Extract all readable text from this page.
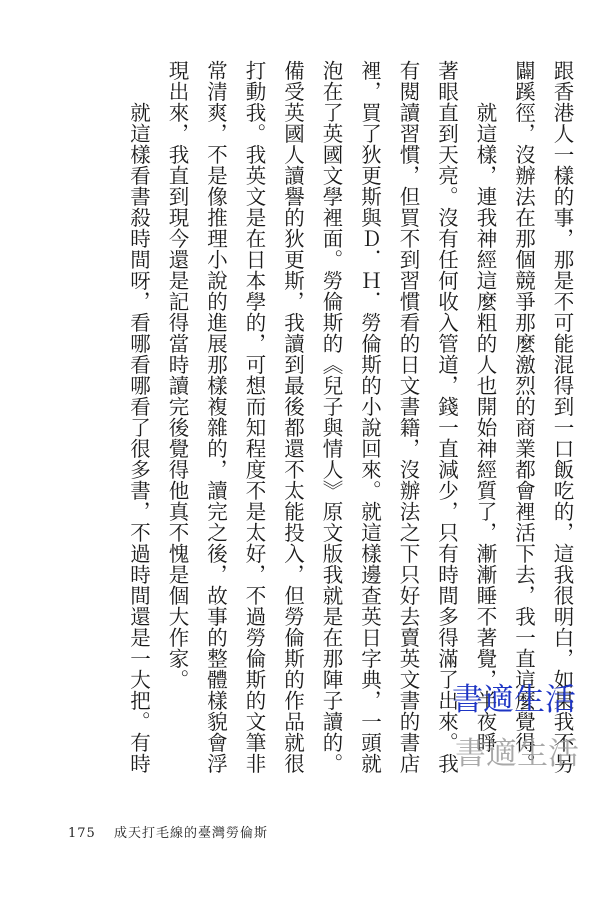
跟香港人一樣的事，那是不可能混得到一口飯吃的，這我很明白，如果我不另
闢蹊徑，沒辦法在那個競爭那麼激烈的商業都會裡活下去，我一直這麼覺得。
就這樣，連我神經這麼粗的人也開始神經質了，漸漸睡不著覺，半夜睜
著眼直到天亮。沒有任何收入管道，錢一直減少，只有時間多得滿了出來。我
有閱讀習慣，但買不到習慣看的日文書籍，沒辦法之下只好去賣英文書的書店
裡，買了狄更斯與Ｄ．Ｈ．勞倫斯的小說回來。就這樣邊查英日字典，一頭就
泡在了英國文學裡面。勞倫斯的《兒子與情人》原文版我就是在那陣子讀的。
備受英國人讀譽的狄更斯，我讀到最後都還不太能投入，但勞倫斯的作品就很
打動我。我英文是在日本學的，可想而知程度不是太好，不過勞倫斯的文筆非
常清爽，不是像推理小說的進展那樣複雜的，讀完之後，故事的整體樣貌會浮
現出來，我直到現今還是記得當時讀完後覺得他真不愧是個大作家。
就這樣看書殺時間呀，看哪看哪看了很多書，不過時間還是一大把。有時
175 成天打毛線的臺灣勞倫斯
書適生活
書適生活
